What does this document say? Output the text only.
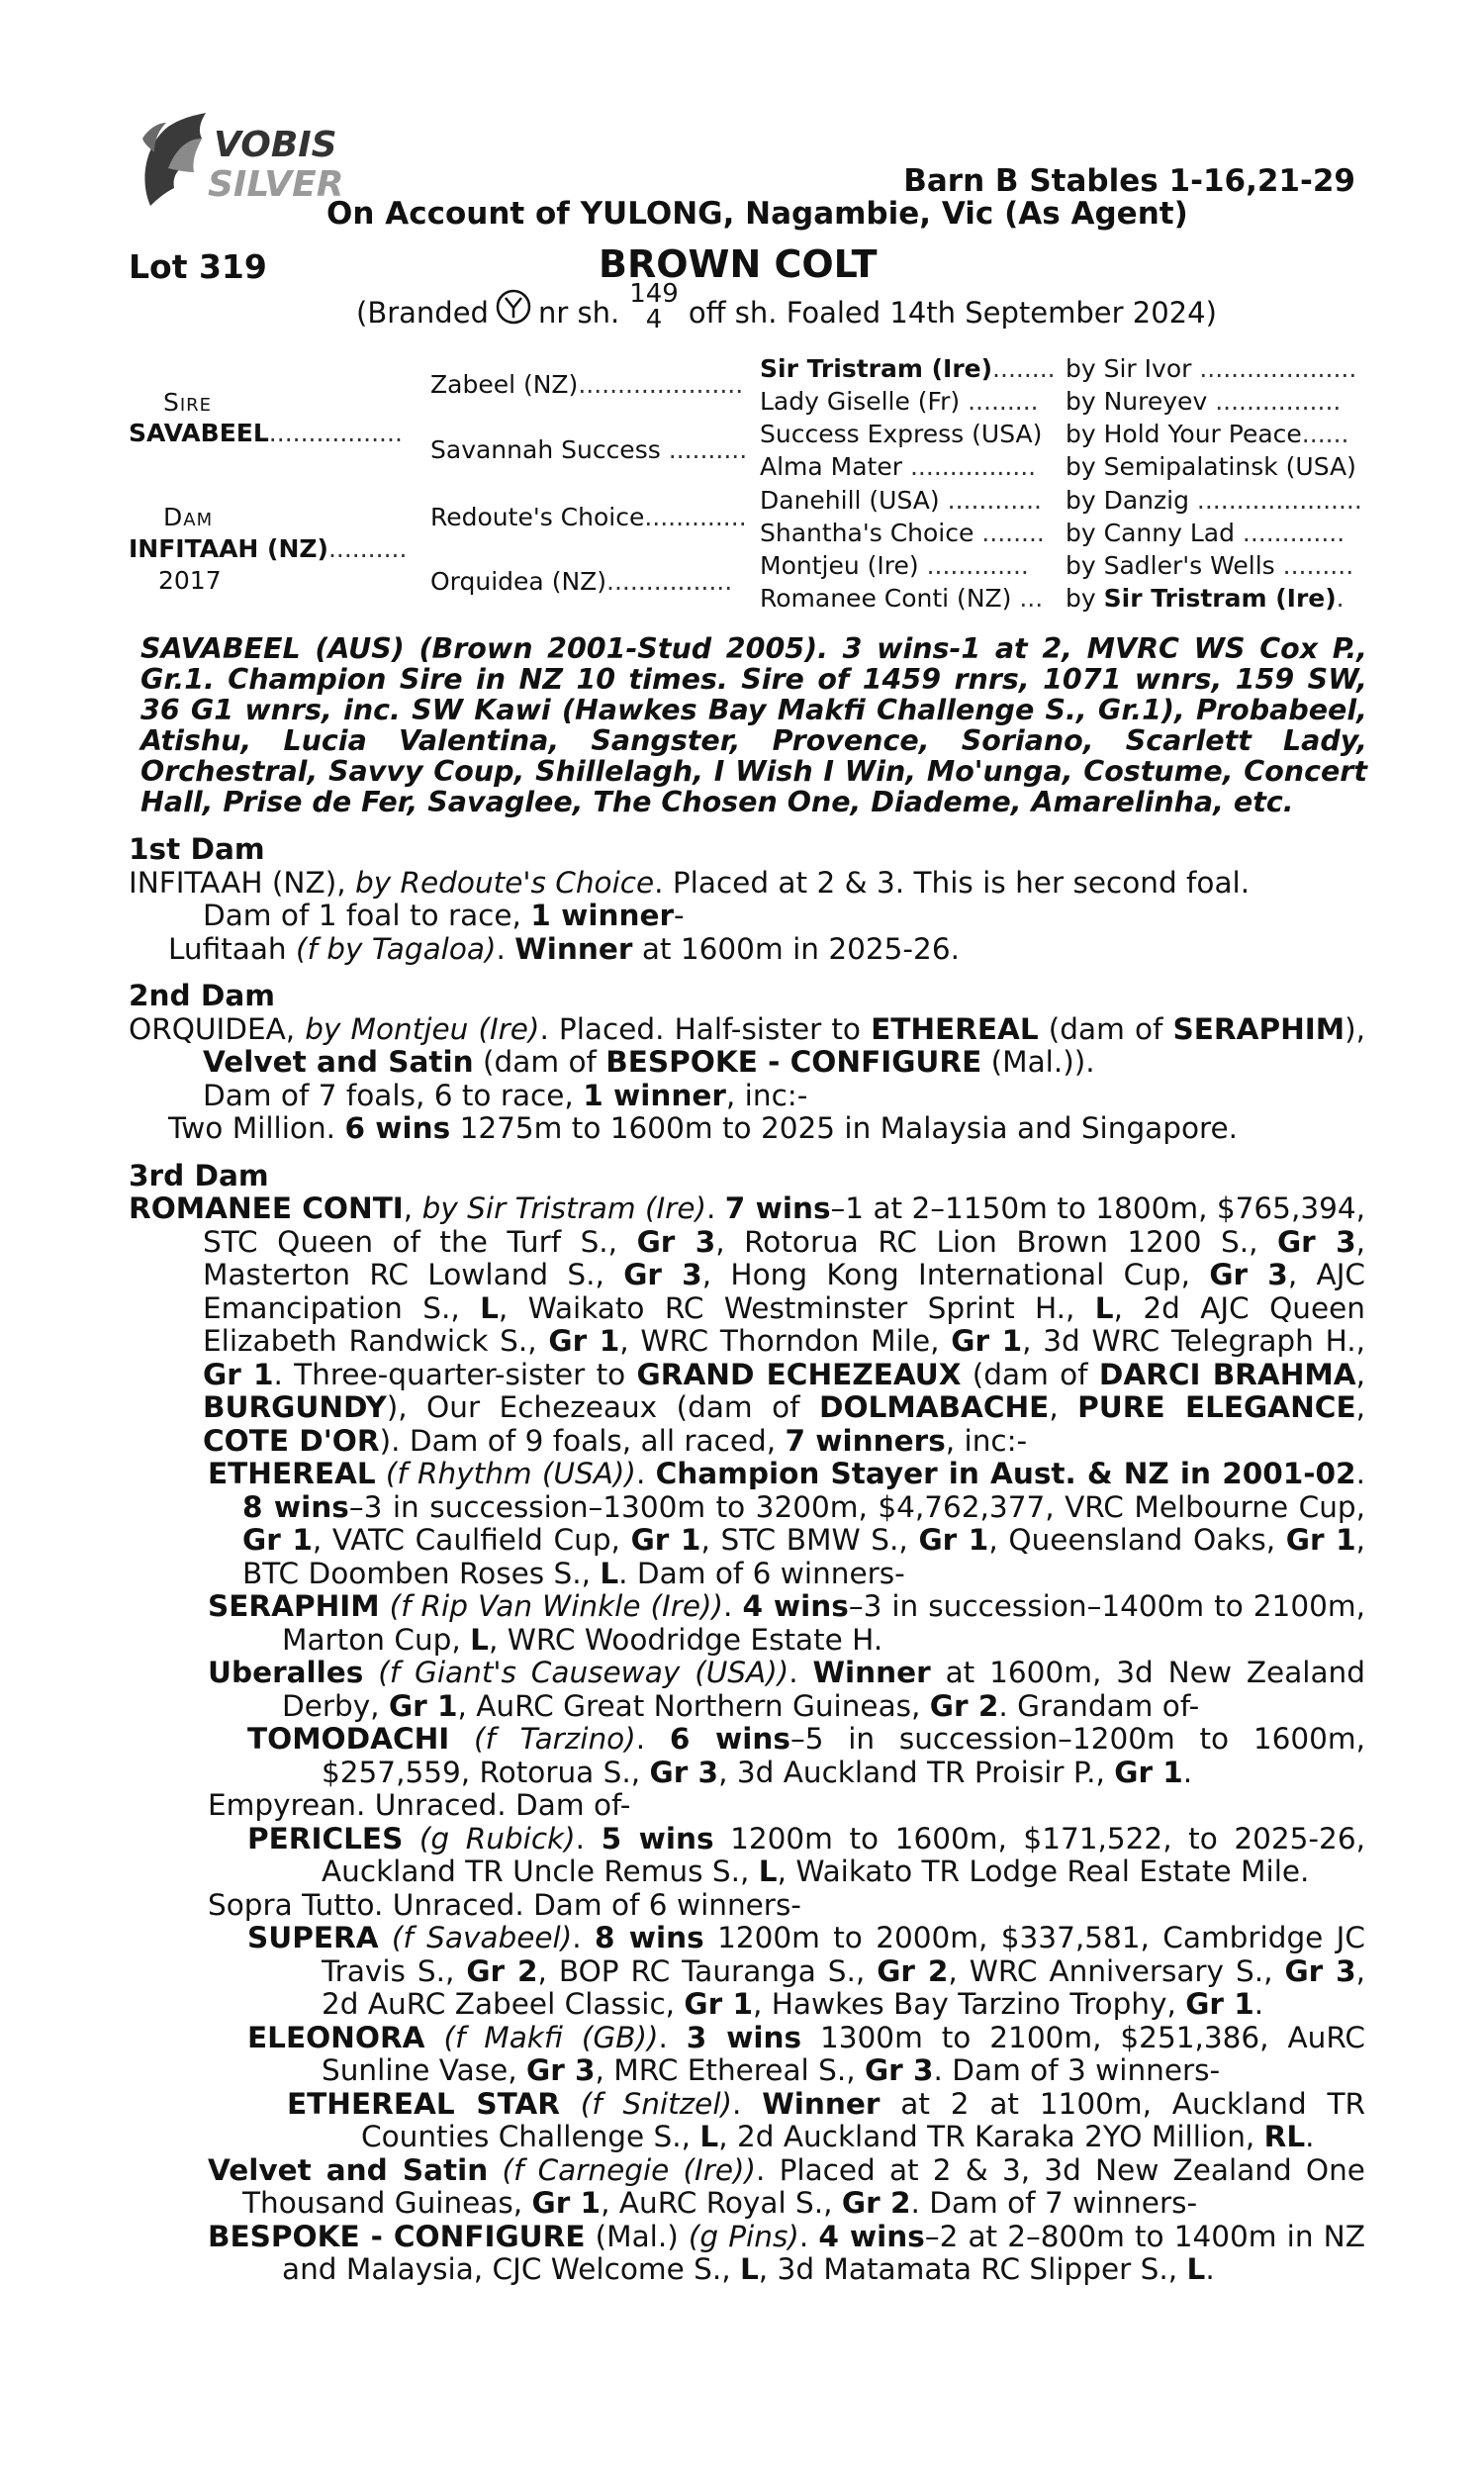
VOBIS
SILVER	Barn B Stables 1-16,21-29
On Account of YULONG, Nagambie, Vic (As Agent)
Lot 319	BROWN COLT
(Branded nr sh.
149
4 off sh. Foaled 14th September 2024)
Sire
SAVABEEL.................
Dam
INFITAAH (NZ)..........
2017
Zabeel (NZ).....................
Savannah Success ..........
Redoute's Choice.............
Orquidea (NZ)................
Sir Tristram (Ire)........
Lady Giselle (Fr) .........
Success Express (USA)
Alma Mater ................
Danehill (USA) ............
Shantha's Choice ........
Montjeu (Ire) .............
Romanee Conti (NZ) ...
by Sir Ivor ....................
by Nureyev ................
by Hold Your Peace......
by Semipalatinsk (USA)
by Danzig .....................
by Canny Lad .............
by Sadler's Wells .........
by Sir Tristram (Ire).
SAVABEEL (AUS) (Brown 2001-Stud 2005). 3 wins-1 at 2, MVRC WS Cox P., Gr.1. Champion Sire in NZ 10 times. Sire of 1459 rnrs, 1071 wnrs, 159 SW, 36 G1 wnrs, inc. SW Kawi (Hawkes Bay Makfi Challenge S., Gr.1), Probabeel, Atishu, Lucia Valentina, Sangster, Provence, Soriano, Scarlett Lady, Orchestral, Savvy Coup, Shillelagh, I Wish I Win, Mo'unga, Costume, Concert Hall, Prise de Fer, Savaglee, The Chosen One, Diademe, Amarelinha, etc.
1st Dam
INFITAAH (NZ), by Redoute's Choice. Placed at 2 & 3. This is her second foal.
Dam of 1 foal to race, 1 winner-
Lufitaah (f by Tagaloa). Winner at 1600m in 2025-26.
2nd Dam
ORQUIDEA, by Montjeu (Ire). Placed. Half-sister to ETHEREAL (dam of SERAPHIM), Velvet and Satin (dam of BESPOKE - CONFIGURE (Mal.)).
Dam of 7 foals, 6 to race, 1 winner, inc:-
Two Million. 6 wins 1275m to 1600m to 2025 in Malaysia and Singapore.
3rd Dam
ROMANEE CONTI, by Sir Tristram (Ire). 7 wins–1 at 2–1150m to 1800m, $765,394, STC Queen of the Turf S., Gr 3, Rotorua RC Lion Brown 1200 S., Gr 3, Masterton RC Lowland S., Gr 3, Hong Kong International Cup, Gr 3, AJC Emancipation S., L, Waikato RC Westminster Sprint H., L, 2d AJC Queen Elizabeth Randwick S., Gr 1, WRC Thorndon Mile, Gr 1, 3d WRC Telegraph H., Gr 1. Three-quarter-sister to GRAND ECHEZEAUX (dam of DARCI BRAHMA, BURGUNDY), Our Echezeaux (dam of DOLMABACHE, PURE ELEGANCE, COTE D'OR). Dam of 9 foals, all raced, 7 winners, inc:-
ETHEREAL (f Rhythm (USA)). Champion Stayer in Aust. & NZ in 2001-02. 8 wins–3 in succession–1300m to 3200m, $4,762,377, VRC Melbourne Cup, Gr 1, VATC Caulfield Cup, Gr 1, STC BMW S., Gr 1, Queensland Oaks, Gr 1, BTC Doomben Roses S., L. Dam of 6 winners-
SERAPHIM (f Rip Van Winkle (Ire)). 4 wins–3 in succession–1400m to 2100m, Marton Cup, L, WRC Woodridge Estate H.
Uberalles (f Giant's Causeway (USA)). Winner at 1600m, 3d New Zealand Derby, Gr 1, AuRC Great Northern Guineas, Gr 2. Grandam of-
TOMODACHI (f Tarzino). 6 wins–5 in succession–1200m to 1600m, $257,559, Rotorua S., Gr 3, 3d Auckland TR Proisir P., Gr 1.
Empyrean. Unraced. Dam of-
PERICLES (g Rubick). 5 wins 1200m to 1600m, $171,522, to 2025-26, Auckland TR Uncle Remus S., L, Waikato TR Lodge Real Estate Mile.
Sopra Tutto. Unraced. Dam of 6 winners-
SUPERA (f Savabeel). 8 wins 1200m to 2000m, $337,581, Cambridge JC Travis S., Gr 2, BOP RC Tauranga S., Gr 2, WRC Anniversary S., Gr 3, 2d AuRC Zabeel Classic, Gr 1, Hawkes Bay Tarzino Trophy, Gr 1.
ELEONORA (f Makfi (GB)). 3 wins 1300m to 2100m, $251,386, AuRC Sunline Vase, Gr 3, MRC Ethereal S., Gr 3. Dam of 3 winners-
ETHEREAL STAR (f Snitzel). Winner at 2 at 1100m, Auckland TR Counties Challenge S., L, 2d Auckland TR Karaka 2YO Million, RL.
Velvet and Satin (f Carnegie (Ire)). Placed at 2 & 3, 3d New Zealand One Thousand Guineas, Gr 1, AuRC Royal S., Gr 2. Dam of 7 winners-
BESPOKE - CONFIGURE (Mal.) (g Pins). 4 wins–2 at 2–800m to 1400m in NZ and Malaysia, CJC Welcome S., L, 3d Matamata RC Slipper S., L.
